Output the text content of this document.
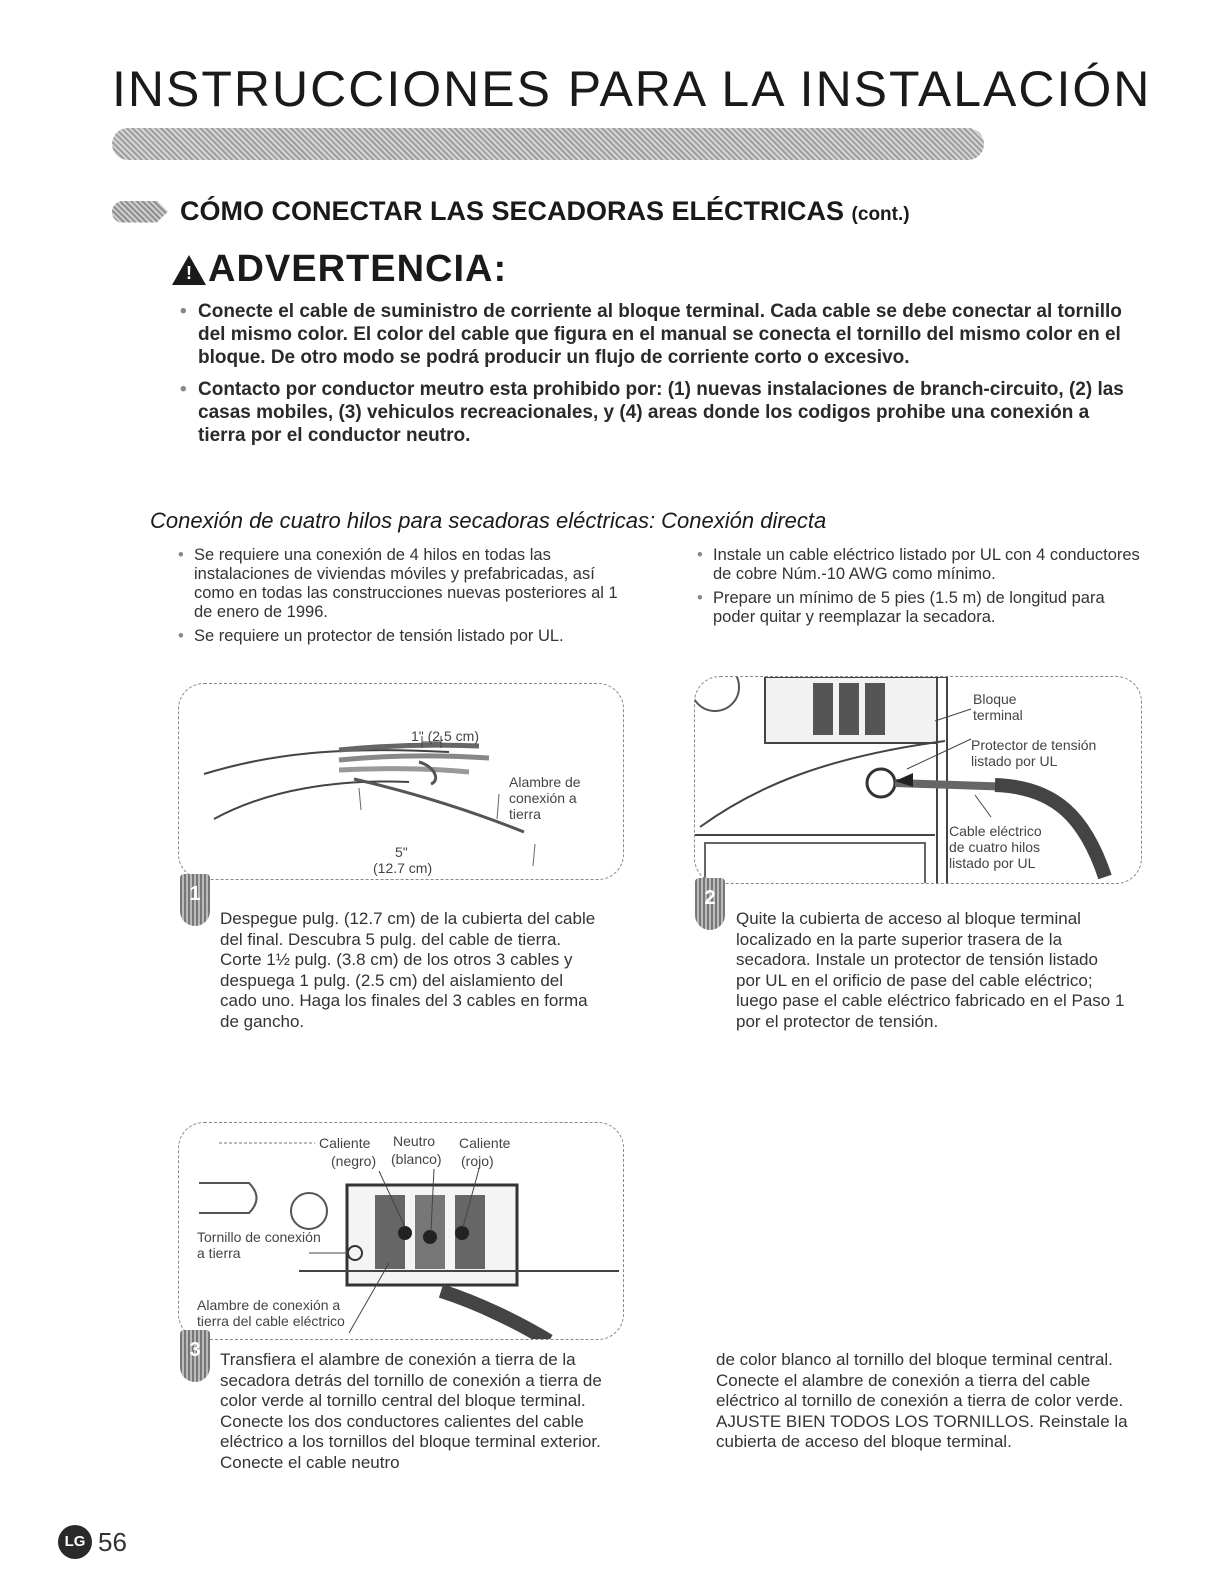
INSTRUCCIONES PARA LA INSTALACIÓN
CÓMO CONECTAR LAS SECADORAS ELÉCTRICAS (cont.)
! ADVERTENCIA:
• Conecte el cable de suministro de corriente al bloque terminal. Cada cable se debe conectar al tornillo del mismo color. El color del cable que figura en el manual se conecta el tornillo del mismo color en el bloque. De otro modo se podrá producir un flujo de corriente corto o excesivo.
• Contacto por conductor meutro esta prohibido por: (1) nuevas instalaciones de branch-circuito, (2) las casas mobiles, (3) vehiculos recreacionales, y (4) areas donde los codigos prohibe una conexión a tierra por el conductor neutro.
Conexión de cuatro hilos para secadoras eléctricas: Conexión directa
• Se requiere una conexión de 4 hilos en todas las instalaciones de viviendas móviles y prefabricadas, así como en todas las construcciones nuevas posteriores al 1 de enero de 1996.
• Se requiere un protector de tensión listado por UL.
• Instale un cable eléctrico listado por UL con 4 conductores de cobre Núm.-10 AWG como mínimo.
• Prepare un mínimo de 5 pies (1.5 m) de longitud para poder quitar y reemplazar la secadora.
1" (2.5 cm)
Alambre de conexión a tierra
5"
(12.7 cm)
1
Despegue pulg. (12.7 cm) de la cubierta del cable del final. Descubra 5 pulg. del cable de tierra. Corte 1½ pulg. (3.8 cm) de los otros 3 cables y despuega 1 pulg. (2.5 cm) del aislamiento del cado uno. Haga los finales del 3 cables en forma de gancho.
Bloque terminal
Protector de tensión listado por UL
Cable eléctrico de cuatro hilos listado por UL
2
Quite la cubierta de acceso al bloque terminal localizado en la parte superior trasera de la secadora. Instale un protector de tensión listado por UL en el orificio de pase del cable eléctrico; luego pase el cable eléctrico fabricado en el Paso 1 por el protector de tensión.
Caliente
(negro)
Neutro
(blanco)
Caliente
(rojo)
Tornillo de conexión a tierra
Alambre de conexión a tierra del cable eléctrico
3	Transfiera el alambre de conexión a tierra de la secadora detrás del tornillo de conexión a tierra de color verde al tornillo central del bloque terminal. Conecte los dos conductores calientes del cable eléctrico a los tornillos del bloque terminal exterior. Conecte el cable neutro
de color blanco al tornillo del bloque terminal central. Conecte el alambre de conexión a tierra del cable eléctrico al tornillo de conexión a tierra de color verde. AJUSTE BIEN TODOS LOS TORNILLOS. Reinstale la cubierta de acceso del bloque terminal.
LG 56
